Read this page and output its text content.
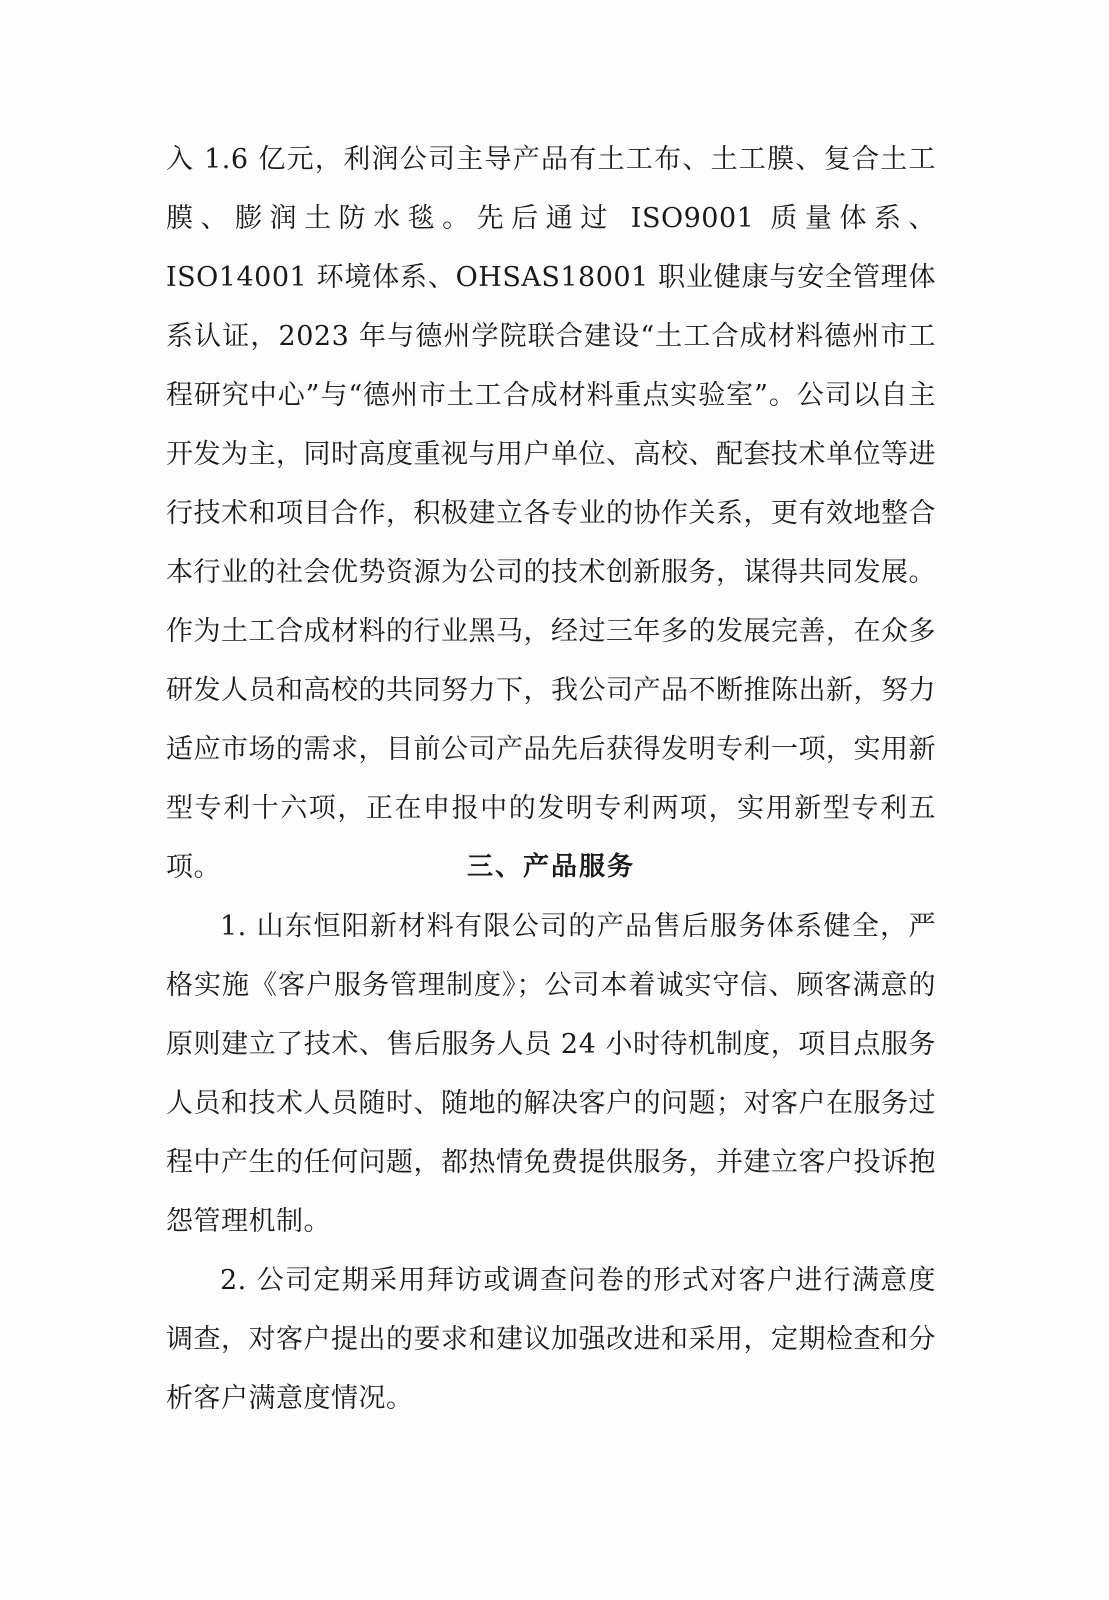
入 1.6 亿元，利润公司主导产品有土工布、土工膜、复合土工膜、膨润土防水毯。先后通过 ISO9001 质量体系、ISO14001 环境体系、OHSAS18001 职业健康与安全管理体系认证，2023 年与德州学院联合建设“土工合成材料德州市工程研究中心”与“德州市土工合成材料重点实验室”。公司以自主开发为主，同时高度重视与用户单位、高校、配套技术单位等进行技术和项目合作，积极建立各专业的协作关系，更有效地整合本行业的社会优势资源为公司的技术创新服务，谋得共同发展。作为土工合成材料的行业黑马，经过三年多的发展完善，在众多研发人员和高校的共同努力下，我公司产品不断推陈出新，努力适应市场的需求，目前公司产品先后获得发明专利一项，实用新型专利十六项，正在申报中的发明专利两项，实用新型专利五项。	三、产品服务

1. 山东恒阳新材料有限公司的产品售后服务体系健全，严格实施《客户服务管理制度》；公司本着诚实守信、顾客满意的原则建立了技术、售后服务人员 24 小时待机制度，项目点服务人员和技术人员随时、随地的解决客户的问题；对客户在服务过程中产生的任何问题，都热情免费提供服务，并建立客户投诉抱怨管理机制。

2. 公司定期采用拜访或调查问卷的形式对客户进行满意度调查，对客户提出的要求和建议加强改进和采用，定期检查和分析客户满意度情况。
